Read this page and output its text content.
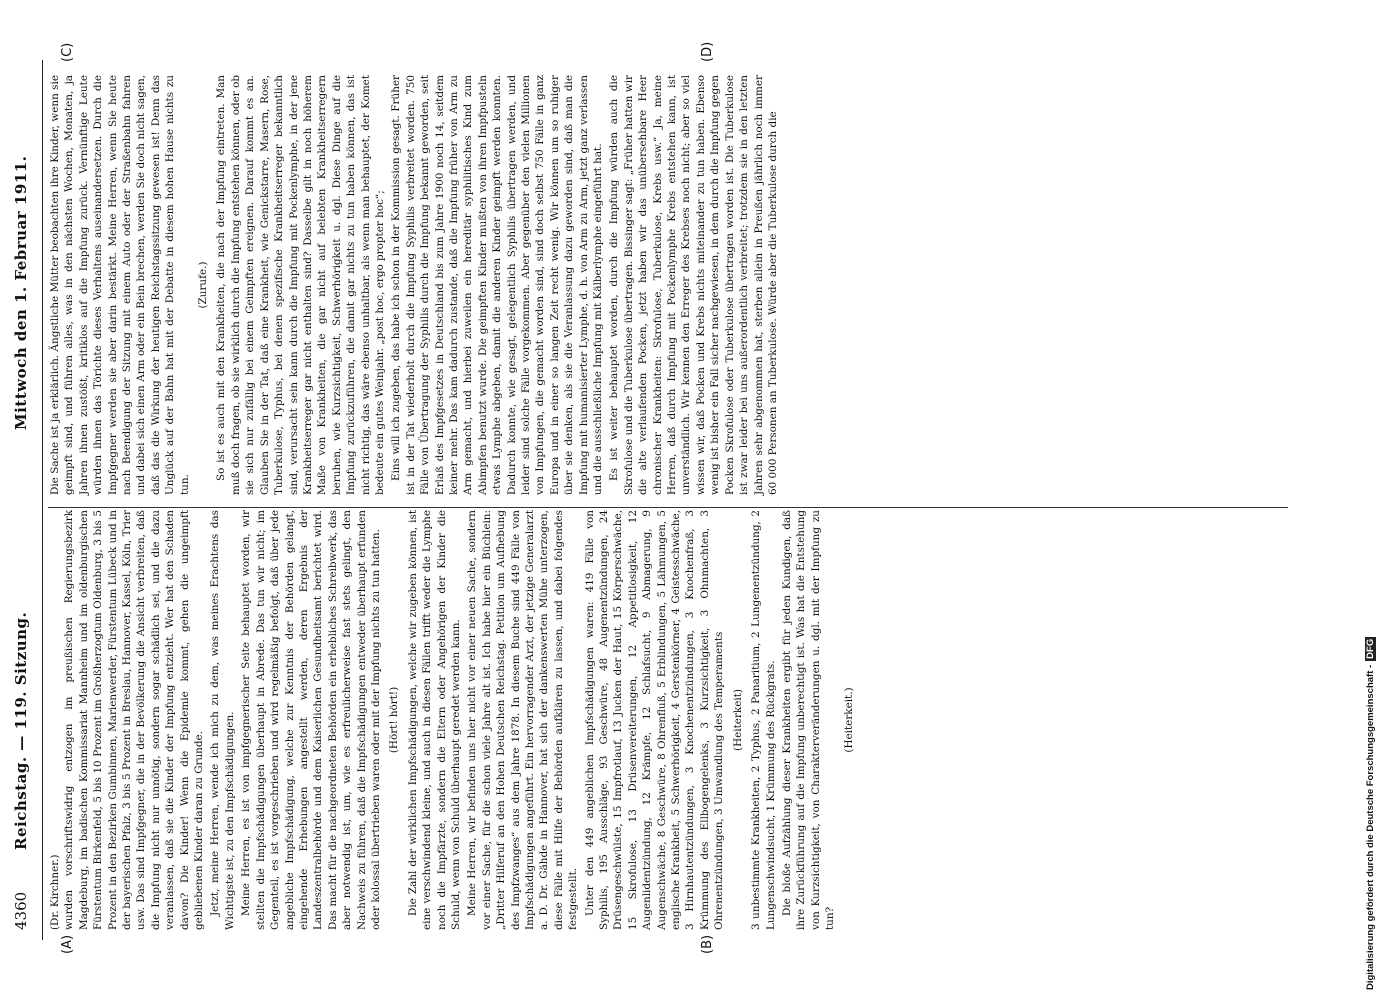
4360
Reichstag. — 119. Sitzung.
Mittwoch den 1. Februar 1911.
(A)	(B)
(C)	(D)
(Dr. Kirchner.) wurden vorschriftswidrig entzogen im preußischen Regierungsbezirk Magdeburg, im badischen Kommissariat Mannheim und im oldenburgischen Fürstentum Birkenfeld, 5 bis 10 Prozent im Großherzogtum Oldenburg, 3 bis 5 Prozent in den Bezirken Gumbinnen, Marienwerder, Fürstentum Lübeck und in der bayerischen Pfalz, 3 bis 5 Prozent in Breslau, Hannover, Kassel, Köln, Trier usw. Das sind Impfgegner, die in der Bevölkerung die Ansicht verbreiten, daß die Impfung nicht nur unnötig, sondern sogar schädlich sei, und die dazu veranlassen, daß sie die Kinder der Impfung entzieht. Wer hat den Schaden davon? Die Kinder! Wenn die Epidemie kommt, gehen die ungeimpft gebliebenen Kinder daran zu Grunde. Jetzt, meine Herren, wende ich mich zu dem, was meines Erachtens das Wichtigste ist, zu den Impfschädigungen. Meine Herren, es ist von impfgegnerischer Seite behauptet worden, wir stellten die Impfschädigungen überhaupt in Abrede. Das tun wir nicht; im Gegenteil, es ist vorgeschrieben und wird regelmäßig befolgt, daß über jede angebliche Impfschädigung, welche zur Kenntnis der Behörden gelangt, eingehende Erhebungen angestellt werden, deren Ergebnis der Landeszentralbehörde und dem Kaiserlichen Gesundheitsamt berichtet wird. Das macht für die nachgeordneten Behörden ein erhebliches Schreibwerk, das aber notwendig ist, um, wie es erfreulicherweise fast stets gelingt, den Nachweis zu führen, daß die Impfschädigungen entweder überhaupt erfunden oder kolossal übertrieben waren oder mit der Impfung nichts zu tun hatten. (Hört! hört!) Die Zahl der wirklichen Impfschädigungen, welche wir zugeben können, ist eine verschwindend kleine, und auch in diesen Fällen trifft weder die Lymphe noch die Impfärzte, sondern die Eltern oder Angehörigen der Kinder die Schuld, wenn von Schuld überhaupt geredet werden kann. Meine Herren, wir befinden uns hier nicht vor einer neuen Sache, sondern vor einer Sache, für die schon viele Jahre alt ist. Ich habe hier ein Büchlein: „Dritter Hilferuf an den Hohen Deutschen Reichstag. Petition um Aufhebung des Impfzwanges“ aus dem Jahre 1878. In diesem Buche sind 449 Fälle von Impfschädigungen angeführt. Ein hervorragender Arzt, der jetzige Generalarzt a. D. Dr. Gähde in Hannover, hat sich der dankenswerten Mühe unterzogen, diese Fälle mit Hilfe der Behörden aufklären zu lassen, und dabei folgendes festgestellt. Unter den 449 angeblichen Impfschädigungen waren: 419 Fälle von Syphilis, 195 Ausschläge, 93 Geschwüre, 48 Augenentzündungen, 24 Drüsengeschwülste, 15 Impfrotlauf, 13 Jucken der Haut, 15 Körperschwäche, 15 Skrofulose, 13 Drüsenvereiterungen, 12 Appetitlosigkeit, 12 Augenlidentzündung, 12 Krämpfe, 12 Schlafsucht, 9 Abmagerung, 9 Augenschwäche, 8 Geschwüre, 8 Ohrenfluß, 5 Erblindungen, 5 Lähmungen, 5 englische Krankheit, 5 Schwerhörigkeit, 4 Gerstenkörner, 4 Geistesschwäche, 3 Hirnhautentzündungen, 3 Knochenentzündungen, 3 Knochenfraß, 3 Krümmung des Ellbogengelenks, 3 Kurzsichtigkeit, 3 Ohnmachten, 3 Ohrenentzündungen, 3 Umwandlung des Temperaments (Heiterkeit) 3 unbestimmte Krankheiten, 2 Typhus, 2 Panaritium, 2 Lungenentzündung, 2 Lungenschwindsucht, 1 Krümmung des Rückgrats. Die bloße Aufzählung dieser Krankheiten ergibt für jeden Kundigen, daß ihre Zurückführung auf die Impfung unberechtigt ist. Was hat die Entstehung von Kurzsichtigkeit, von Charakterveränderungen u. dgl. mit der Impfung zu tun?

(Heiterkeit.)

Die Sache ist ja erklärlich. Ängstliche Mütter beobachten ihre Kinder, wenn sie geimpft sind, und führen alles, was in den nächsten Wochen, Monaten, ja Jahren ihnen zustößt, kritiklos auf die Impfung zurück. Vernünftige Leute würden ihnen das Törichte dieses Verhaltens auseinandersetzen. Durch die Impfgegner werden sie aber darin bestärkt. Meine Herren, wenn Sie heute nach Beendigung der Sitzung mit einem Auto oder der Straßenbahn fahren und dabei sich einen Arm oder ein Bein brechen, werden Sie doch nicht sagen, daß das die Wirkung der heutigen Reichstagssitzung gewesen ist! Denn das Unglück auf der Bahn hat mit der Debatte in diesem hohen Hause nichts zu tun.

(Zurufe.) So ist es auch mit den Krankheiten, die nach der Impfung eintreten. Man muß doch fragen, ob sie wirklich durch die Impfung entstehen können, oder ob sie sich nur zufällig bei einem Geimpften ereignen. Darauf kommt es an. Glauben Sie in der Tat, daß eine Krankheit, wie Genickstarre, Masern, Rose, Tuberkulose, Typhus, bei denen spezifische Krankheitserreger bekanntlich sind, verursacht sein kann durch die Impfung mit Pockenlymphe, in der jene Krankheitserreger gar nicht enthalten sind? Dasselbe gilt in noch höherem Maße von Krankheiten, die gar nicht auf belebten Krankheitserregern beruhen, wie Kurzsichtigkeit, Schwerhörigkeit u. dgl. Diese Dinge auf die Impfung zurückzuführen, die damit gar nichts zu tun haben können, das ist nicht richtig, das wäre ebenso unhaltbar, als wenn man behauptet, der Komet bedeute ein gutes Weinjahr. „post hoc, ergo propter hoc“; Eins will ich zugeben, das habe ich schon in der Kommission gesagt. Früher ist in der Tat wiederholt durch die Impfung Syphilis verbreitet worden. 750 Fälle von Übertragung der Syphilis durch die Impfung bekannt geworden, seit Erlaß des Impfgesetzes in Deutschland bis zum Jahre 1900 noch 14, seitdem keiner mehr. Das kam dadurch zustande, daß die Impfung früher von Arm zu Arm gemacht, und hierbei zuweilen ein hereditär syphilitisches Kind zum Abimpfen benutzt wurde. Die geimpften Kinder mußten von ihren Impfpusteln etwas Lymphe abgeben, damit die anderen Kinder geimpft werden konnten. Dadurch konnte, wie gesagt, gelegentlich Syphilis übertragen werden, und leider sind solche Fälle vorgekommen. Aber gegenüber den vielen Millionen von Impfungen, die gemacht worden sind, sind doch selbst 750 Fälle in ganz Europa und in einer so langen Zeit recht wenig. Wir können um so ruhiger über sie denken, als sie die Veranlassung dazu geworden sind, daß man die Impfung mit humanisierter Lymphe, d. h. von Arm zu Arm, jetzt ganz verlassen und die ausschließliche Impfung mit Kälberlymphe eingeführt hat. Es ist weiter behauptet worden, durch die Impfung würden auch die Skrofulose und die Tuberkulose übertragen. Bissinger sagt: „Früher hatten wir die alte verlaufenden Pocken, jetzt haben wir das unübersehbare Heer chronischer Krankheiten: Skrofulose, Tuberkulose, Krebs usw.“ Ja, meine Herren, daß durch Impfung mit Pockenlymphe Krebs entstehen kann, ist unverständlich. Wir kennen den Erreger des Krebses noch nicht; aber so viel wissen wir, daß Pocken und Krebs nichts miteinander zu tun haben. Ebenso wenig ist bisher ein Fall sicher nachgewiesen, in dem durch die Impfung gegen Pocken Skrofulose oder Tuberkulose übertragen worden ist. Die Tuberkulose ist zwar leider bei uns außerordentlich verbreitet; trotzdem sie in den letzten Jahren sehr abgenommen hat, sterben allein in Preußen jährlich noch immer 60 000 Personen an Tuberkulose. Würde aber die Tuberkulose durch die

Digitalisierung gefördert durch die Deutsche Forschungsgemeinschaft -DFG
